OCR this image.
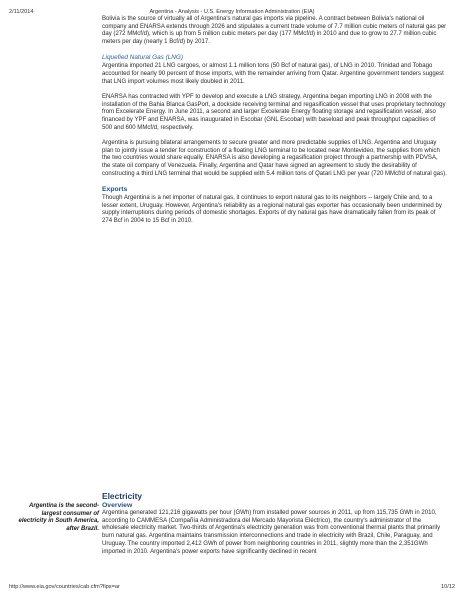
2/11/2014	Argentina - Analysis - U.S. Energy Information Administration (EIA)

Bolivia is the source of virtually all of Argentina's natural gas imports via pipeline. A contract between Bolivia's national oil company and ENARSA extends through 2026 and stipulates a current trade volume of 7.7 million cubic meters of natural gas per day (272 MMcf/d), which is up from 5 million cubic meters per day (177 MMcf/d) in 2010 and due to grow to 27.7 million cubic meters per day (nearly 1 Bcf/d) by 2017.

Liquefied Natural Gas (LNG)

Argentina imported 21 LNG cargoes, or almost 1.1 million tons (50 Bcf of natural gas), of LNG in 2010. Trinidad and Tobago accounted for nearly 90 percent of those imports, with the remainder arriving from Qatar. Argentine government tenders suggest that LNG import volumes most likely doubled in 2011.

ENARSA has contracted with YPF to develop and execute a LNG strategy. Argentina began importing LNG in 2008 with the installation of the Bahia Blanca GasPort, a dockside receiving terminal and regasification vessel that uses proprietary technology from Excelerate Energy. In June 2011, a second and larger Excelerate Energy floating storage and regasification vessel, also financed by YPF and ENARSA, was inaugurated in Escobar (GNL Escobar) with baseload and peak throughput capacities of 500 and 600 MMcf/d, respectively.

Argentina is pursuing bilateral arrangements to secure greater and more predictable supplies of LNG. Argentina and Uruguay plan to jointly issue a tender for construction of a floating LNG terminal to be located near Montevideo, the supplies from which the two countries would share equally. ENARSA is also developing a regasification project through a partnership with PDVSA, the state oil company of Venezuela. Finally, Argentina and Qatar have signed an agreement to study the desirability of constructing a third LNG terminal that would be supplied with 5.4 million tons of Qatari LNG per year (720 MMcf/d of natural gas).

Exports

Though Argentina is a net importer of natural gas, it continues to export natural gas to its neighbors -- largely Chile and, to a lesser extent, Uruguay. However, Argentina's reliability as a regional natural gas exporter has occasionally been undermined by supply interruptions during periods of domestic shortages. Exports of dry natural gas have dramatically fallen from its peak of 274 Bcf in 2004 to 15 Bcf in 2010.

Electricity
Overview
Argentina is the second-largest consumer of electricity in South America, after Brazil.

Argentina generated 121,216 gigawatts per hour (GWh) from installed power sources in 2011, up from 115,735 GWh in 2010, according to CAMMESA (Compañía Administradora del Mercado Mayorista Eléctrico), the country's administrator of the wholesale electricity market. Two-thirds of Argentina's electricity generation was from conventional thermal plants that primarily burn natural gas. Argentina maintains transmission interconnections and trade in electricity with Brazil, Chile, Paraguay, and Uruguay. The country imported 2,412 GWh of power from neighboring countries in 2011, slightly more than the 2,351GWh imported in 2010. Argentina's power exports have significantly declined in recent

http://www.eia.gov/countries/cab.cfm?fips=ar	10/12
